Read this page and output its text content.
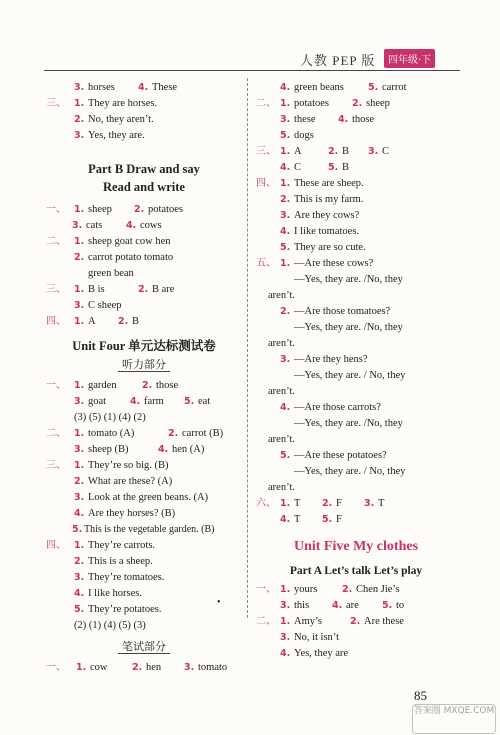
人教 PEP 版	四年级·下
3. horses 4. These
三、 1. They are horses.
2. No, they aren’t.
3. Yes, they are.
Part B Draw and say
Read and write
一、 1. sheep 2. potatoes
3. cats 4. cows
二、 1. sheep goat cow hen
2. carrot potato tomato
green bean
三、 1. B is	2. B are
3. C sheep
四、 1. A 2. B
Unit Four 单元达标测试卷
听力部分
一、 1. garden	2. those
3. goat	4. farm 5. eat
(3) (5) (1) (4) (2)
二、 1. tomato (A)	2. carrot (B)
3. sheep (B)	4. hen (A)
三、 1. They’re so big. (B)
2. What are these? (A)
3. Look at the green beans. (A)
4. Are they horses? (B)
5. This is the vegetable garden. (B)
四、 1. They’re carrots.
2. This is a sheep.
3. They’re tomatoes.
4. I like horses.
5. They’re potatoes.
(2) (1) (4) (5) (3)
笔试部分
一、 1. cow	2. hen 3. tomato
4. green beans	5. carrot
二、 1. potatoes 2. sheep
3. these 4. those
5. dogs
三、 1. A	2. B 3. C
4. C	5. B
四、 1. These are sheep.
2. This is my farm.
3. Are they cows?
4. I like tomatoes.
5. They are so cute.
五、 1. —Are these cows?
—Yes, they are. /No, they
aren’t.
2. —Are those tomatoes?
—Yes, they are. /No, they
aren’t.
3. —Are they hens?
—Yes, they are. / No, they
aren’t.
4. —Are those carrots?
—Yes, they are. /No, they
aren’t.
5. —Are these potatoes?
—Yes, they are. / No, they
aren’t.
六、 1. T 2. F 3. T
4. T 5. F
Unit Five My clothes
Part A Let’s talk Let’s play
一、 1. yours	2. Chen Jie’s
3. this 4. are 5. to
二、 1. Amy’s	2. Are these
3. No, it isn’t
4. Yes, they are
•
85
答案圈 MXQE.COM
